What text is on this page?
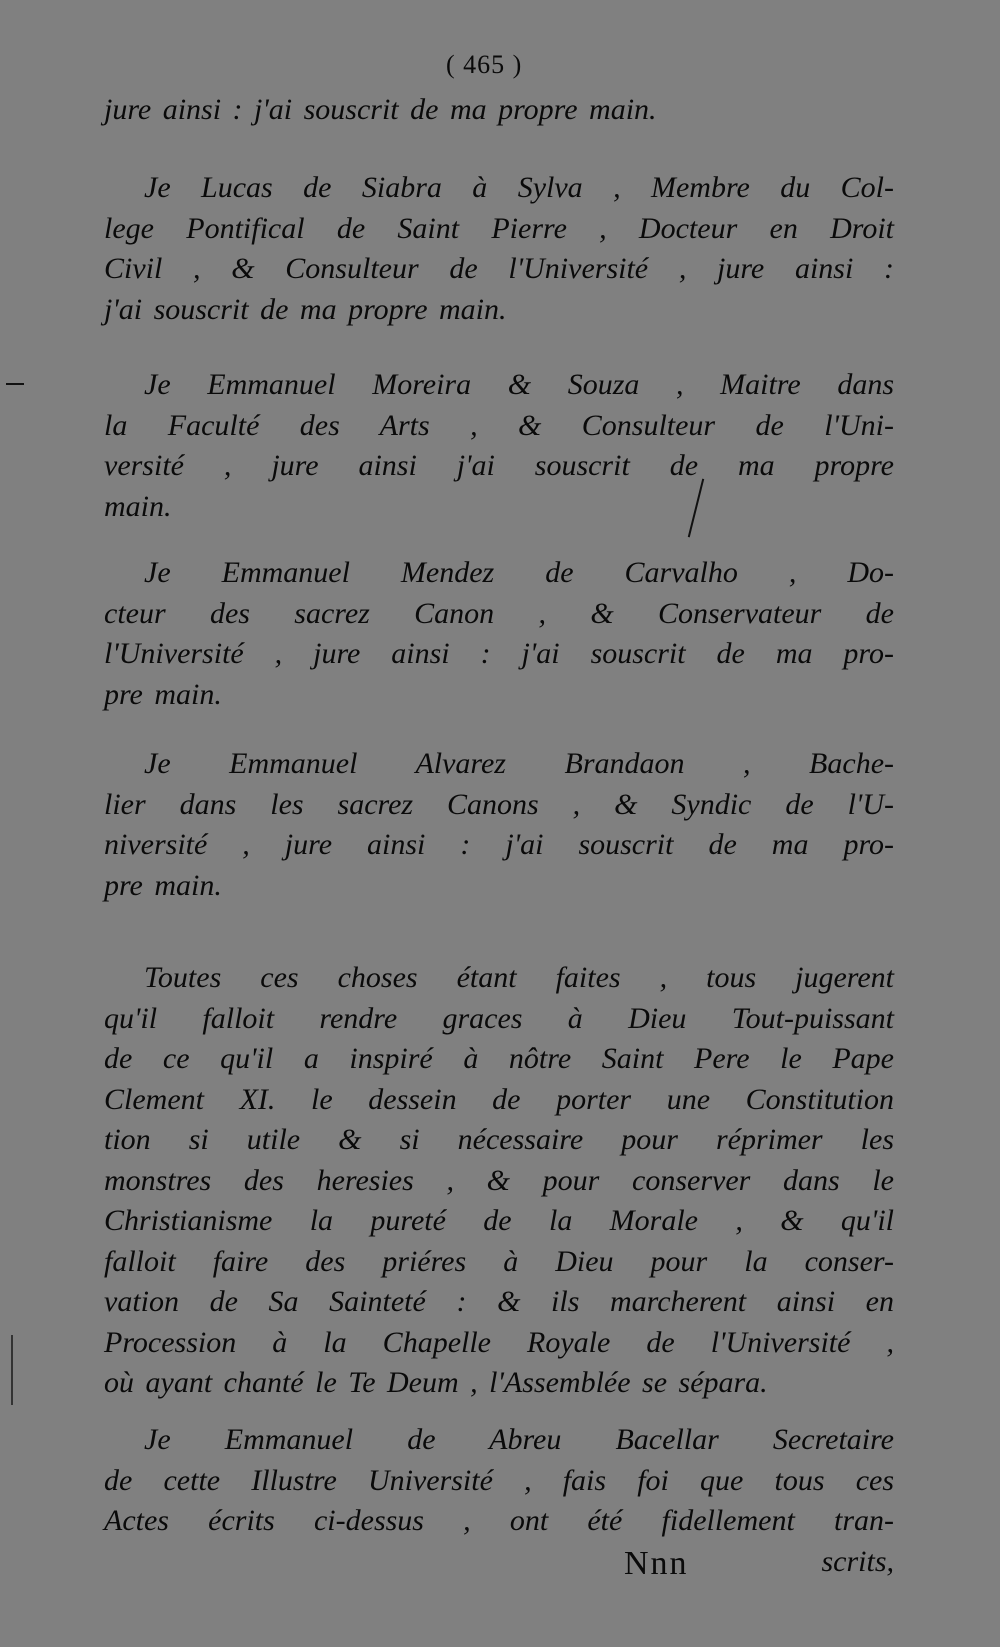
( 465 )
jure ainsi : j'ai souscrit de ma propre main.
Je Lucas de Siabra à Sylva , Membre du Col-
lege Pontifical de Saint Pierre , Docteur en Droit
Civil , & Consulteur de l'Université , jure ainsi :
j'ai souscrit de ma propre main.
Je Emmanuel Moreira & Souza , Maitre dans
la Faculté des Arts , & Consulteur de l'Uni-
versité , jure ainsi j'ai souscrit de ma propre
main.
Je Emmanuel Mendez de Carvalho , Do-
cteur des sacrez Canon , & Conservateur de
l'Université , jure ainsi : j'ai souscrit de ma pro-
pre main.
Je Emmanuel Alvarez Brandaon , Bache-
lier dans les sacrez Canons , & Syndic de l'U-
niversité , jure ainsi : j'ai souscrit de ma pro-
pre main.
Toutes ces choses étant faites , tous jugerent
qu'il falloit rendre graces à Dieu Tout-puissant
de ce qu'il a inspiré à nôtre Saint Pere le Pape
Clement XI. le dessein de porter une Constitution
tion si utile & si nécessaire pour réprimer les
monstres des heresies , & pour conserver dans le
Christianisme la pureté de la Morale , & qu'il
falloit faire des priéres à Dieu pour la conser-
vation de Sa Sainteté : & ils marcherent ainsi en
Procession à la Chapelle Royale de l'Université ,
où ayant chanté le Te Deum , l'Assemblée se sépara.
Je Emmanuel de Abreu Bacellar Secretaire
de cette Illustre Université , fais foi que tous ces
Actes écrits ci-dessus , ont été fidellement tran-
Nnn	scrits,
